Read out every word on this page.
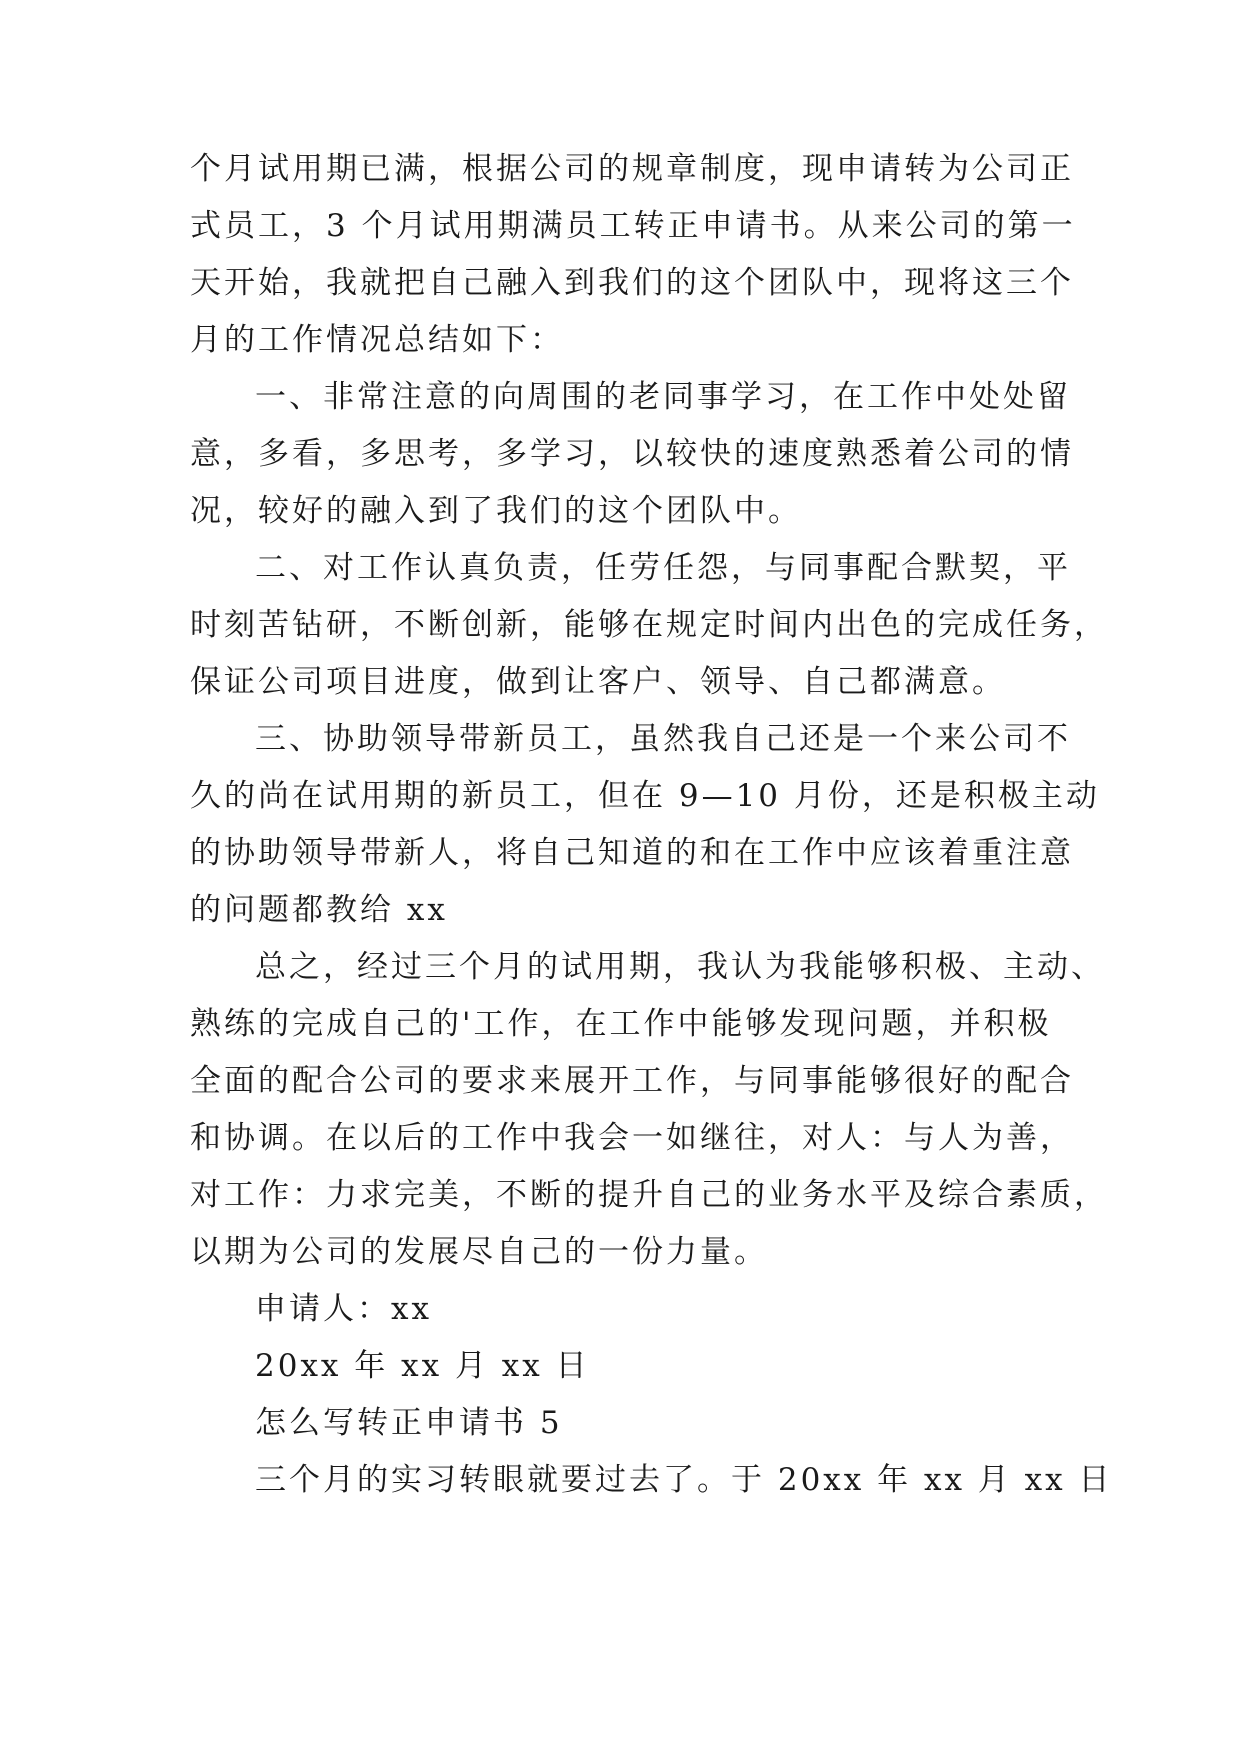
个月试用期已满，根据公司的规章制度，现申请转为公司正
式员工，3 个月试用期满员工转正申请书。从来公司的第一
天开始，我就把自己融入到我们的这个团队中，现将这三个
月的工作情况总结如下：
一、非常注意的向周围的老同事学习，在工作中处处留
意，多看，多思考，多学习，以较快的速度熟悉着公司的情
况，较好的融入到了我们的这个团队中。
二、对工作认真负责，任劳任怨，与同事配合默契，平
时刻苦钻研，不断创新，能够在规定时间内出色的完成任务，
保证公司项目进度，做到让客户、领导、自己都满意。
三、协助领导带新员工，虽然我自己还是一个来公司不
久的尚在试用期的新员工，但在 9—10 月份，还是积极主动
的协助领导带新人，将自己知道的和在工作中应该着重注意
的问题都教给 xx
总之，经过三个月的试用期，我认为我能够积极、主动、
熟练的完成自己的'工作，在工作中能够发现问题，并积极
全面的配合公司的要求来展开工作，与同事能够很好的配合
和协调。在以后的工作中我会一如继往，对人：与人为善，
对工作：力求完美，不断的提升自己的业务水平及综合素质，
以期为公司的发展尽自己的一份力量。
申请人：xx
20xx 年 xx 月 xx 日
怎么写转正申请书 5
三个月的实习转眼就要过去了。于 20xx 年 xx 月 xx 日
